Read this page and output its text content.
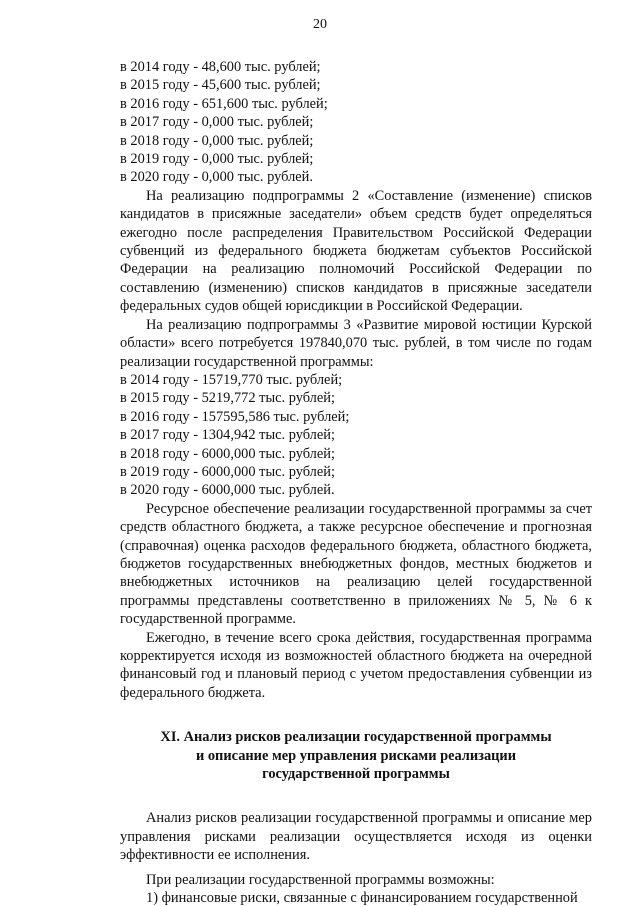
20

в 2014 году - 48,600 тыс. рублей;

в 2015 году - 45,600 тыс. рублей;

в 2016 году - 651,600 тыс. рублей;

в 2017 году - 0,000 тыс. рублей;

в 2018 году - 0,000 тыс. рублей;

в 2019 году - 0,000 тыс. рублей;

в 2020 году - 0,000 тыс. рублей.

На реализацию подпрограммы 2 «Составление (изменение) списков кандидатов в присяжные заседатели» объем средств будет определяться ежегодно после распределения Правительством Российской Федерации субвенций из федерального бюджета бюджетам субъектов Российской Федерации на реализацию полномочий Российской Федерации по составлению (изменению) списков кандидатов в присяжные заседатели федеральных судов общей юрисдикции в Российской Федерации.

На реализацию подпрограммы 3 «Развитие мировой юстиции Курской области» всего потребуется 197840,070 тыс. рублей, в том числе по годам реализации государственной программы:

в 2014 году - 15719,770 тыс. рублей;

в 2015 году - 5219,772 тыс. рублей;

в 2016 году - 157595,586 тыс. рублей;

в 2017 году - 1304,942 тыс. рублей;

в 2018 году - 6000,000 тыс. рублей;

в 2019 году - 6000,000 тыс. рублей;

в 2020 году - 6000,000 тыс. рублей.

Ресурсное обеспечение реализации государственной программы за счет средств областного бюджета, а также ресурсное обеспечение и прогнозная (справочная) оценка расходов федерального бюджета, областного бюджета, бюджетов государственных внебюджетных фондов, местных бюджетов и внебюджетных источников на реализацию целей государственной программы представлены соответственно в приложениях № 5, № 6 к государственной программе.

Ежегодно, в течение всего срока действия, государственная программа корректируется исходя из возможностей областного бюджета на очередной финансовый год и плановый период с учетом предоставления субвенции из федерального бюджета.

XI. Анализ рисков реализации государственной программы
и описание мер управления рисками реализации
государственной программы

Анализ рисков реализации государственной программы и описание мер управления рисками реализации осуществляется исходя из оценки эффективности ее исполнения.

При реализации государственной программы возможны:

1) финансовые риски, связанные с финансированием государственной
